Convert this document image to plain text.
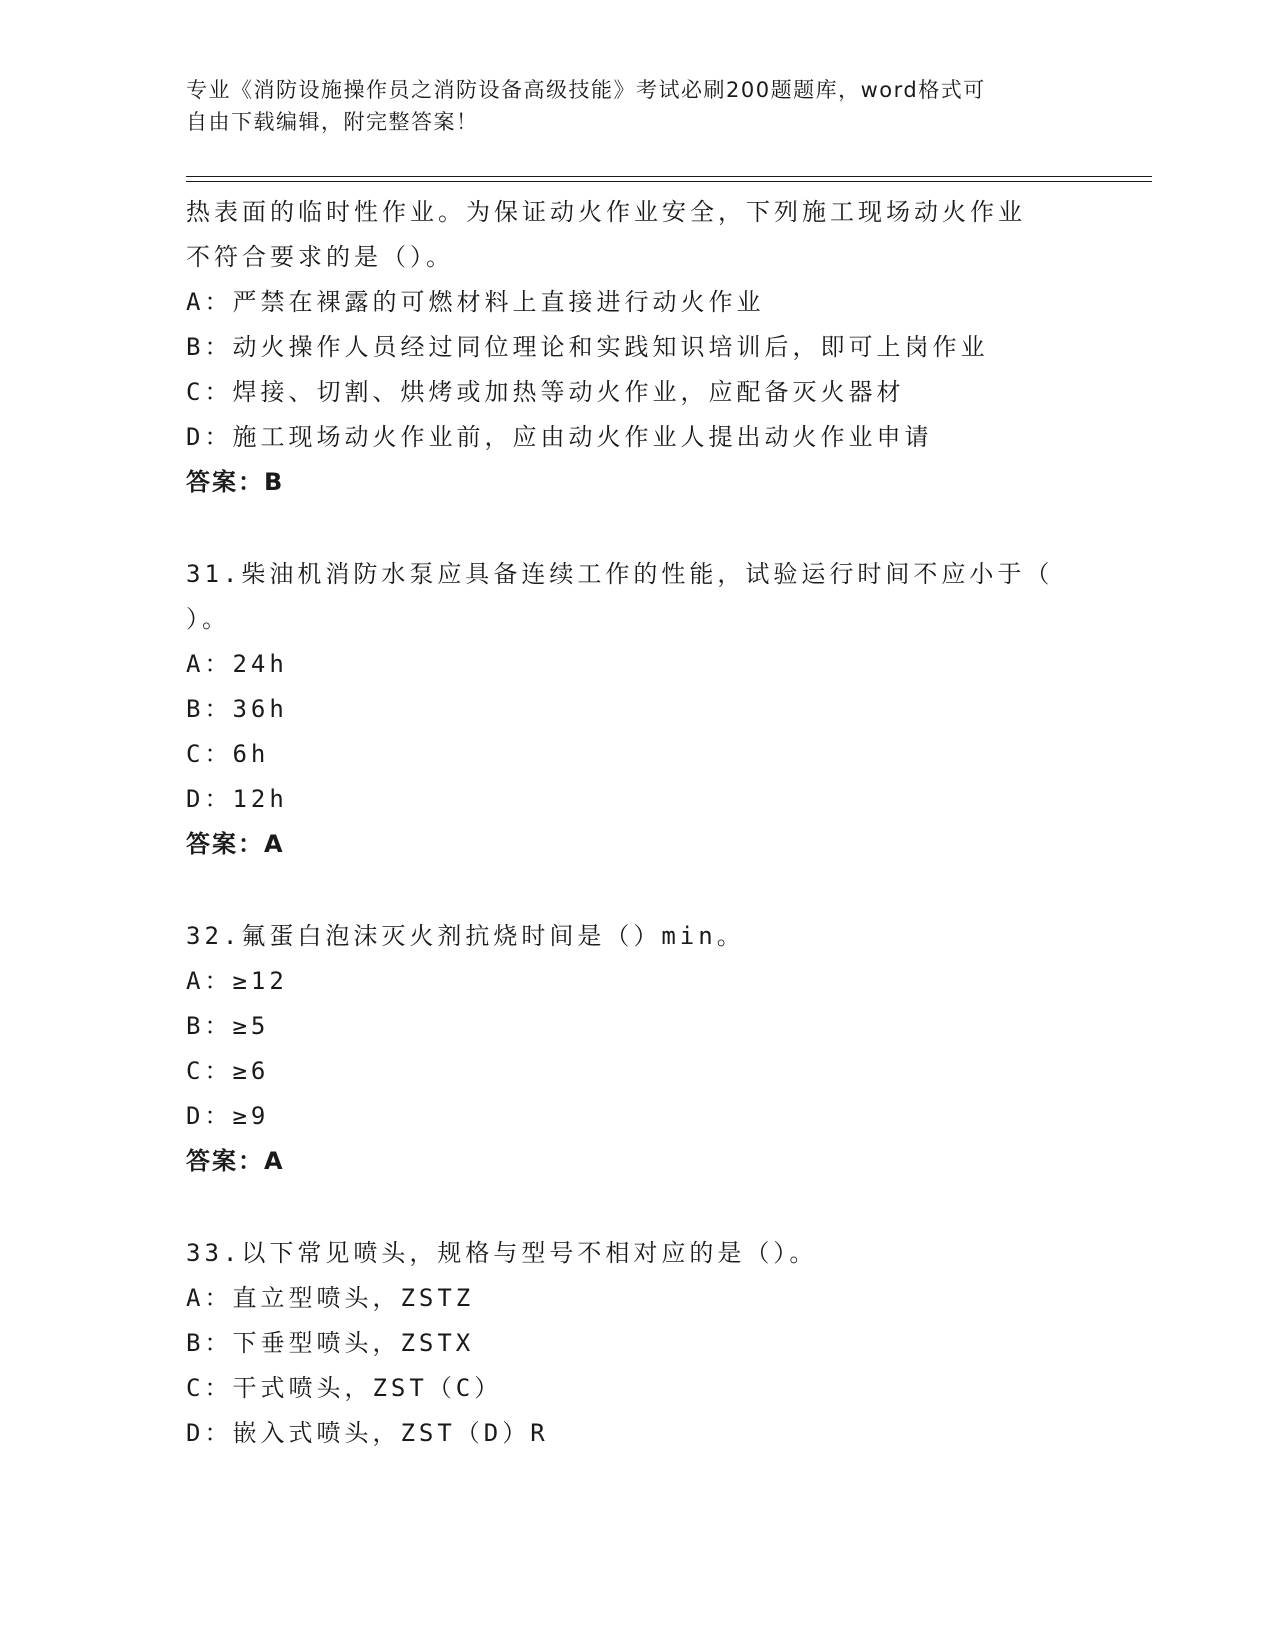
专业《消防设施操作员之消防设备高级技能》考试必刷200题题库，word格式可
自由下载编辑，附完整答案！

热表面的临时性作业。为保证动火作业安全，下列施工现场动火作业

不符合要求的是（）。

A：严禁在裸露的可燃材料上直接进行动火作业

B：动火操作人员经过同位理论和实践知识培训后，即可上岗作业

C：焊接、切割、烘烤或加热等动火作业，应配备灭火器材

D：施工现场动火作业前，应由动火作业人提出动火作业申请

答案：B

31.柴油机消防水泵应具备连续工作的性能，试验运行时间不应小于（

）。

A：24h

B：36h

C：6h

D：12h

答案：A

32.氟蛋白泡沫灭火剂抗烧时间是（）min。

A：≥12

B：≥5

C：≥6

D：≥9

答案：A

33.以下常见喷头，规格与型号不相对应的是（）。

A：直立型喷头，ZSTZ

B：下垂型喷头，ZSTX

C：干式喷头，ZST（C）

D：嵌入式喷头，ZST（D）R
